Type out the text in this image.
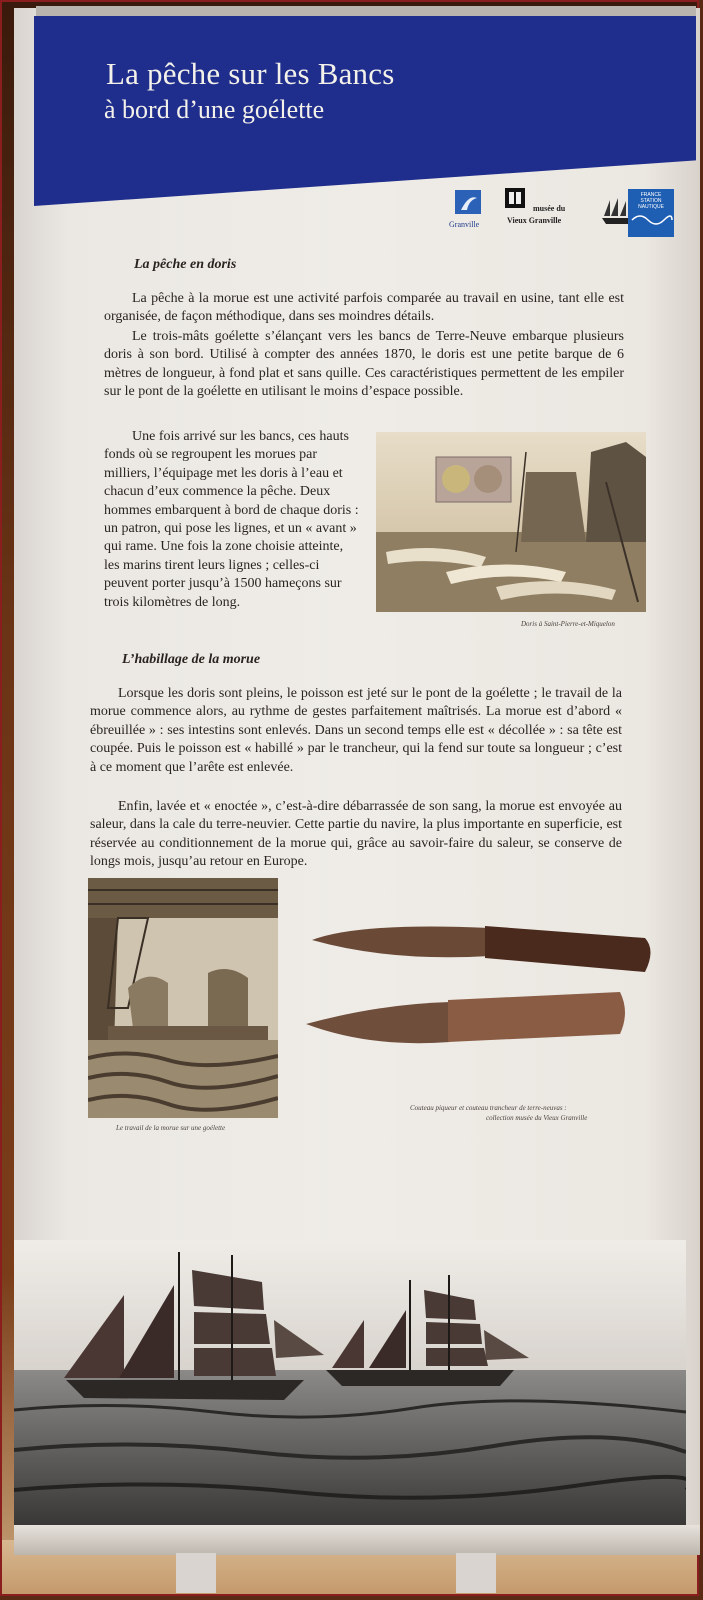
La pêche sur les Bancs
à bord d’une goélette
Granville
musée du
Vieux Granville
FRANCE
STATION
NAUTIQUE
La pêche en doris
La pêche à la morue est une activité parfois comparée au travail en usine, tant elle est organisée, de façon méthodique, dans ses moindres détails.
Le trois-mâts goélette s’élançant vers les bancs de Terre-Neuve embarque plusieurs doris à son bord. Utilisé à compter des années 1870, le doris est une petite barque de 6 mètres de longueur, à fond plat et sans quille. Ces caractéristiques permettent de les empiler sur le pont de la goélette en utilisant le moins d’espace possible.
Une fois arrivé sur les bancs, ces hauts fonds où se regroupent les morues par milliers, l’équipage met les doris à l’eau et chacun d’eux commence la pêche. Deux hommes embarquent à bord de chaque doris : un patron, qui pose les lignes, et un « avant » qui rame. Une fois la zone choisie atteinte, les marins tirent leurs lignes ; celles-ci peuvent porter jusqu’à 1500 hameçons sur trois kilomètres de long.
Doris à Saint-Pierre-et-Miquelon
L’habillage de la morue
Lorsque les doris sont pleins, le poisson est jeté sur le pont de la goélette ; le travail de la morue commence alors, au rythme de gestes parfaitement maîtrisés. La morue est d’abord « ébreuillée » : ses intestins sont enlevés. Dans un second temps elle est « décollée » : sa tête est coupée. Puis le poisson est « habillé » par le trancheur, qui la fend sur toute sa longueur ; c’est à ce moment que l’arête est enlevée.
Enfin, lavée et « enoctée », c’est-à-dire débarrassée de son sang, la morue est envoyée au saleur, dans la cale du terre-neuvier. Cette partie du navire, la plus importante en superficie, est réservée au conditionnement de la morue qui, grâce au savoir-faire du saleur, se conserve de longs mois, jusqu’au retour en Europe.
Le travail de la morue sur une goélette
Couteau piqueur et couteau trancheur de terre-neuvas :
collection musée du Vieux Granville
